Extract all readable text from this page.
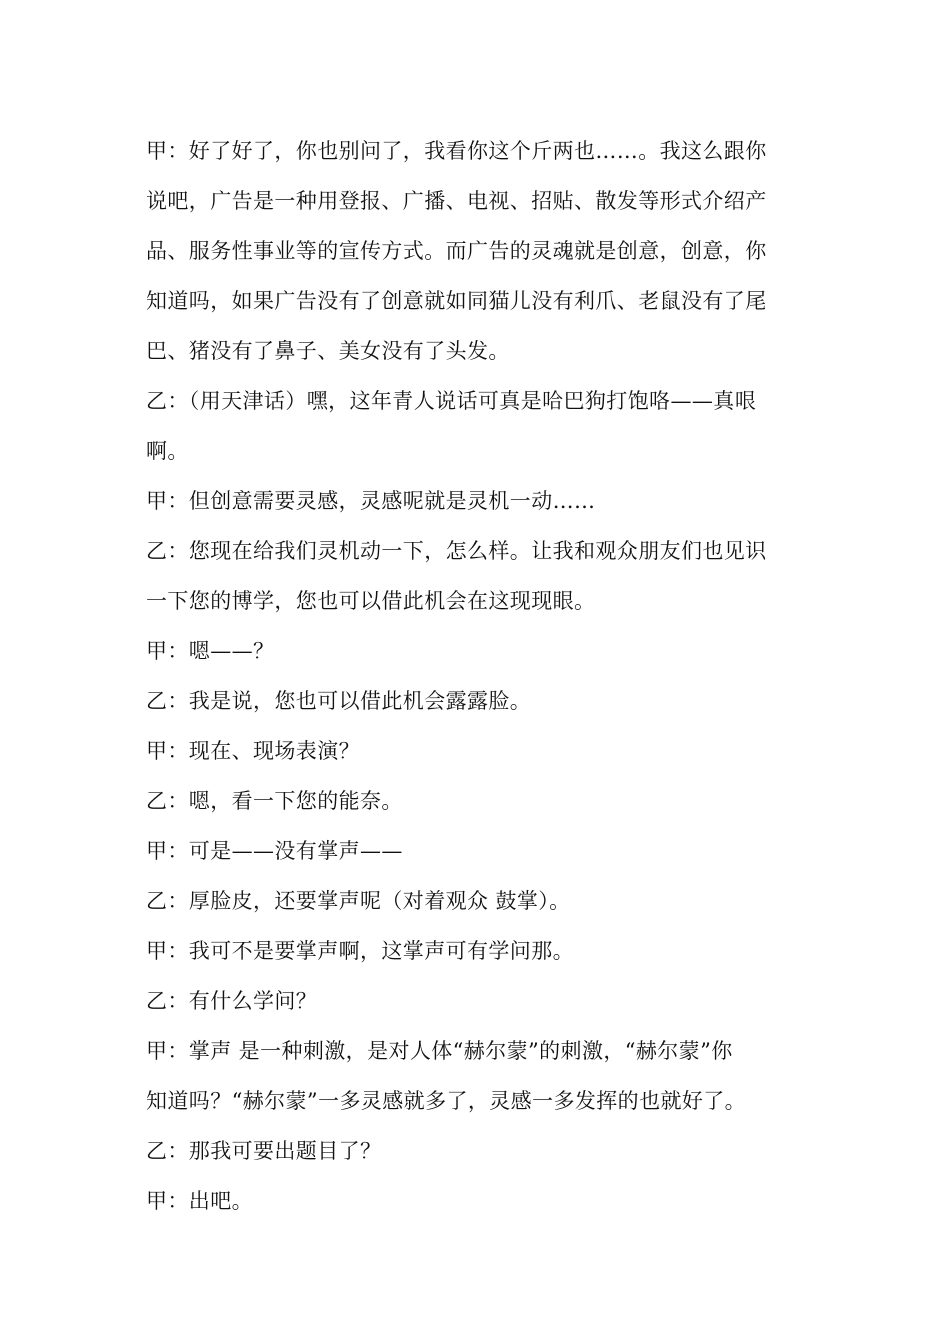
甲：好了好了，你也别问了，我看你这个斤两也……。我这么跟你

说吧，广告是一种用登报、广播、电视、招贴、散发等形式介绍产

品、服务性事业等的宣传方式。而广告的灵魂就是创意，创意，你

知道吗，如果广告没有了创意就如同猫儿没有利爪、老鼠没有了尾

巴、猪没有了鼻子、美女没有了头发。

乙：（用天津话）嘿，这年青人说话可真是哈巴狗打饱咯——真哏

啊。

甲：但创意需要灵感，灵感呢就是灵机一动……

乙：您现在给我们灵机动一下，怎么样。让我和观众朋友们也见识

一下您的博学，您也可以借此机会在这现现眼。

甲：嗯——？

乙：我是说，您也可以借此机会露露脸。

甲：现在、现场表演？

乙：嗯，看一下您的能奈。

甲：可是——没有掌声——

乙：厚脸皮，还要掌声呢（对着观众 鼓掌）。

甲：我可不是要掌声啊，这掌声可有学问那。

乙：有什么学问？

甲：掌声 是一种刺激，是对人体“赫尔蒙”的刺激，“赫尔蒙”你

知道吗？“赫尔蒙”一多灵感就多了，灵感一多发挥的也就好了。

乙：那我可要出题目了？

甲：出吧。
